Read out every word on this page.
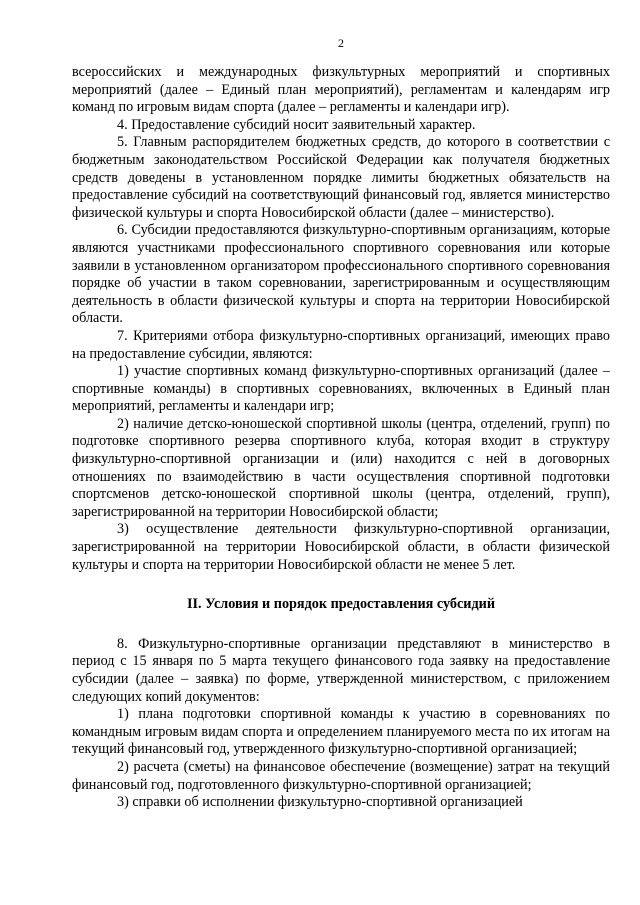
2

всероссийских и международных физкультурных мероприятий и спортивных мероприятий (далее – Единый план мероприятий), регламентам и календарям игр команд по игровым видам спорта (далее – регламенты и календари игр).

4. Предоставление субсидий носит заявительный характер.

5. Главным распорядителем бюджетных средств, до которого в соответствии с бюджетным законодательством Российской Федерации как получателя бюджетных средств доведены в установленном порядке лимиты бюджетных обязательств на предоставление субсидий на соответствующий финансовый год, является министерство физической культуры и спорта Новосибирской области (далее – министерство).

6. Субсидии предоставляются физкультурно-спортивным организациям, которые являются участниками профессионального спортивного соревнования или которые заявили в установленном организатором профессионального спортивного соревнования порядке об участии в таком соревновании, зарегистрированным и осуществляющим деятельность в области физической культуры и спорта на территории Новосибирской области.

7. Критериями отбора физкультурно-спортивных организаций, имеющих право на предоставление субсидии, являются:

1) участие спортивных команд физкультурно-спортивных организаций (далее – спортивные команды) в спортивных соревнованиях, включенных в Единый план мероприятий, регламенты и календари игр;

2) наличие детско-юношеской спортивной школы (центра, отделений, групп) по подготовке спортивного резерва спортивного клуба, которая входит в структуру физкультурно-спортивной организации и (или) находится с ней в договорных отношениях по взаимодействию в части осуществления спортивной подготовки спортсменов детско-юношеской спортивной школы (центра, отделений, групп), зарегистрированной на территории Новосибирской области;

3) осуществление деятельности физкультурно-спортивной организации, зарегистрированной на территории Новосибирской области, в области физической культуры и спорта на территории Новосибирской области не менее 5 лет.

II. Условия и порядок предоставления субсидий

8. Физкультурно-спортивные организации представляют в министерство в период с 15 января по 5 марта текущего финансового года заявку на предоставление субсидии (далее – заявка) по форме, утвержденной министерством, с приложением следующих копий документов:

1) плана подготовки спортивной команды к участию в соревнованиях по командным игровым видам спорта и определением планируемого места по их итогам на текущий финансовый год, утвержденного физкультурно-спортивной организацией;

2) расчета (сметы) на финансовое обеспечение (возмещение) затрат на текущий финансовый год, подготовленного физкультурно-спортивной организацией;

3) справки об исполнении физкультурно-спортивной организацией
